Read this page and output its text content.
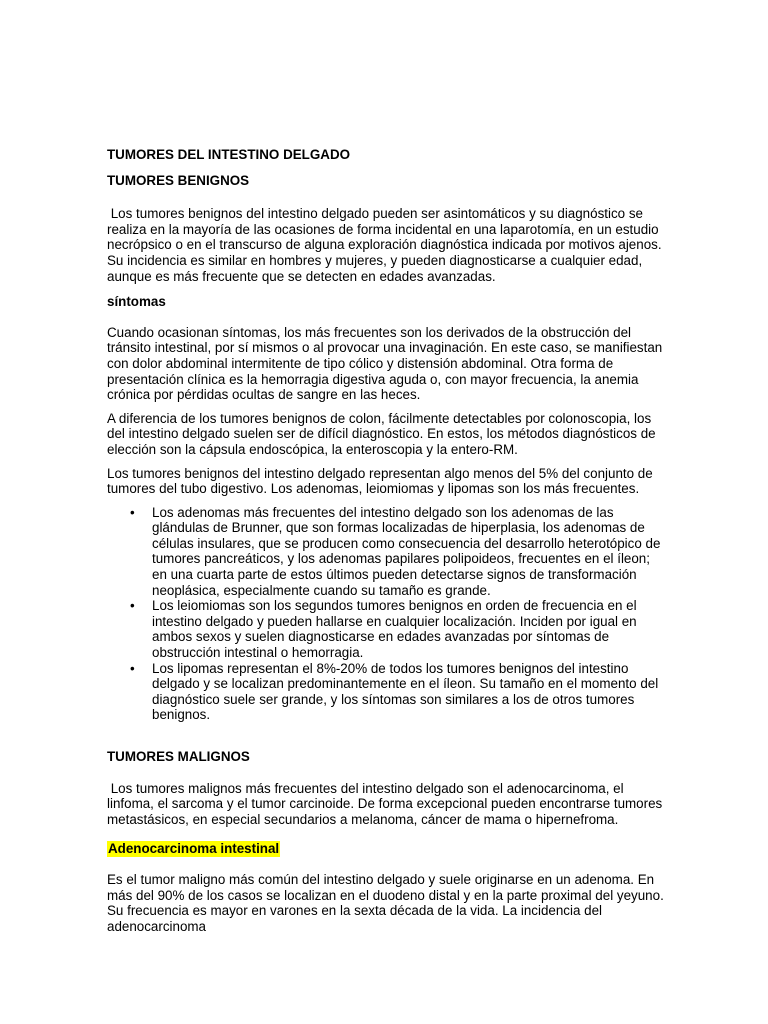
TUMORES DEL INTESTINO DELGADO
TUMORES BENIGNOS

Los tumores benignos del intestino delgado pueden ser asintomáticos y su diagnóstico se realiza en la mayoría de las ocasiones de forma incidental en una laparotomía, en un estudio necrópsico o en el transcurso de alguna exploración diagnóstica indicada por motivos ajenos. Su incidencia es similar en hombres y mujeres, y pueden diagnosticarse a cualquier edad, aunque es más frecuente que se detecten en edades avanzadas.

síntomas

Cuando ocasionan síntomas, los más frecuentes son los derivados de la obstrucción del tránsito intestinal, por sí mismos o al provocar una invaginación. En este caso, se manifiestan con dolor abdominal intermitente de tipo cólico y distensión abdominal. Otra forma de presentación clínica es la hemorragia digestiva aguda o, con mayor frecuencia, la anemia crónica por pérdidas ocultas de sangre en las heces.

A diferencia de los tumores benignos de colon, fácilmente detectables por colonoscopia, los del intestino delgado suelen ser de difícil diagnóstico. En estos, los métodos diagnósticos de elección son la cápsula endoscópica, la enteroscopia y la entero-RM.

Los tumores benignos del intestino delgado representan algo menos del 5% del conjunto de tumores del tubo digestivo. Los adenomas, leiomiomas y lipomas son los más frecuentes.

• Los adenomas más frecuentes del intestino delgado son los adenomas de las glándulas de Brunner, que son formas localizadas de hiperplasia, los adenomas de células insulares, que se producen como consecuencia del desarrollo heterotópico de tumores pancreáticos, y los adenomas papilares polipoideos, frecuentes en el íleon; en una cuarta parte de estos últimos pueden detectarse signos de transformación neoplásica, especialmente cuando su tamaño es grande.
• Los leiomiomas son los segundos tumores benignos en orden de frecuencia en el intestino delgado y pueden hallarse en cualquier localización. Inciden por igual en ambos sexos y suelen diagnosticarse en edades avanzadas por síntomas de obstrucción intestinal o hemorragia.
• Los lipomas representan el 8%-20% de todos los tumores benignos del intestino delgado y se localizan predominantemente en el íleon. Su tamaño en el momento del diagnóstico suele ser grande, y los síntomas son similares a los de otros tumores benignos.
TUMORES MALIGNOS

Los tumores malignos más frecuentes del intestino delgado son el adenocarcinoma, el linfoma, el sarcoma y el tumor carcinoide. De forma excepcional pueden encontrarse tumores metastásicos, en especial secundarios a melanoma, cáncer de mama o hipernefroma.

Adenocarcinoma intestinal

Es el tumor maligno más común del intestino delgado y suele originarse en un adenoma. En más del 90% de los casos se localizan en el duodeno distal y en la parte proximal del yeyuno. Su frecuencia es mayor en varones en la sexta década de la vida. La incidencia del adenocarcinoma
